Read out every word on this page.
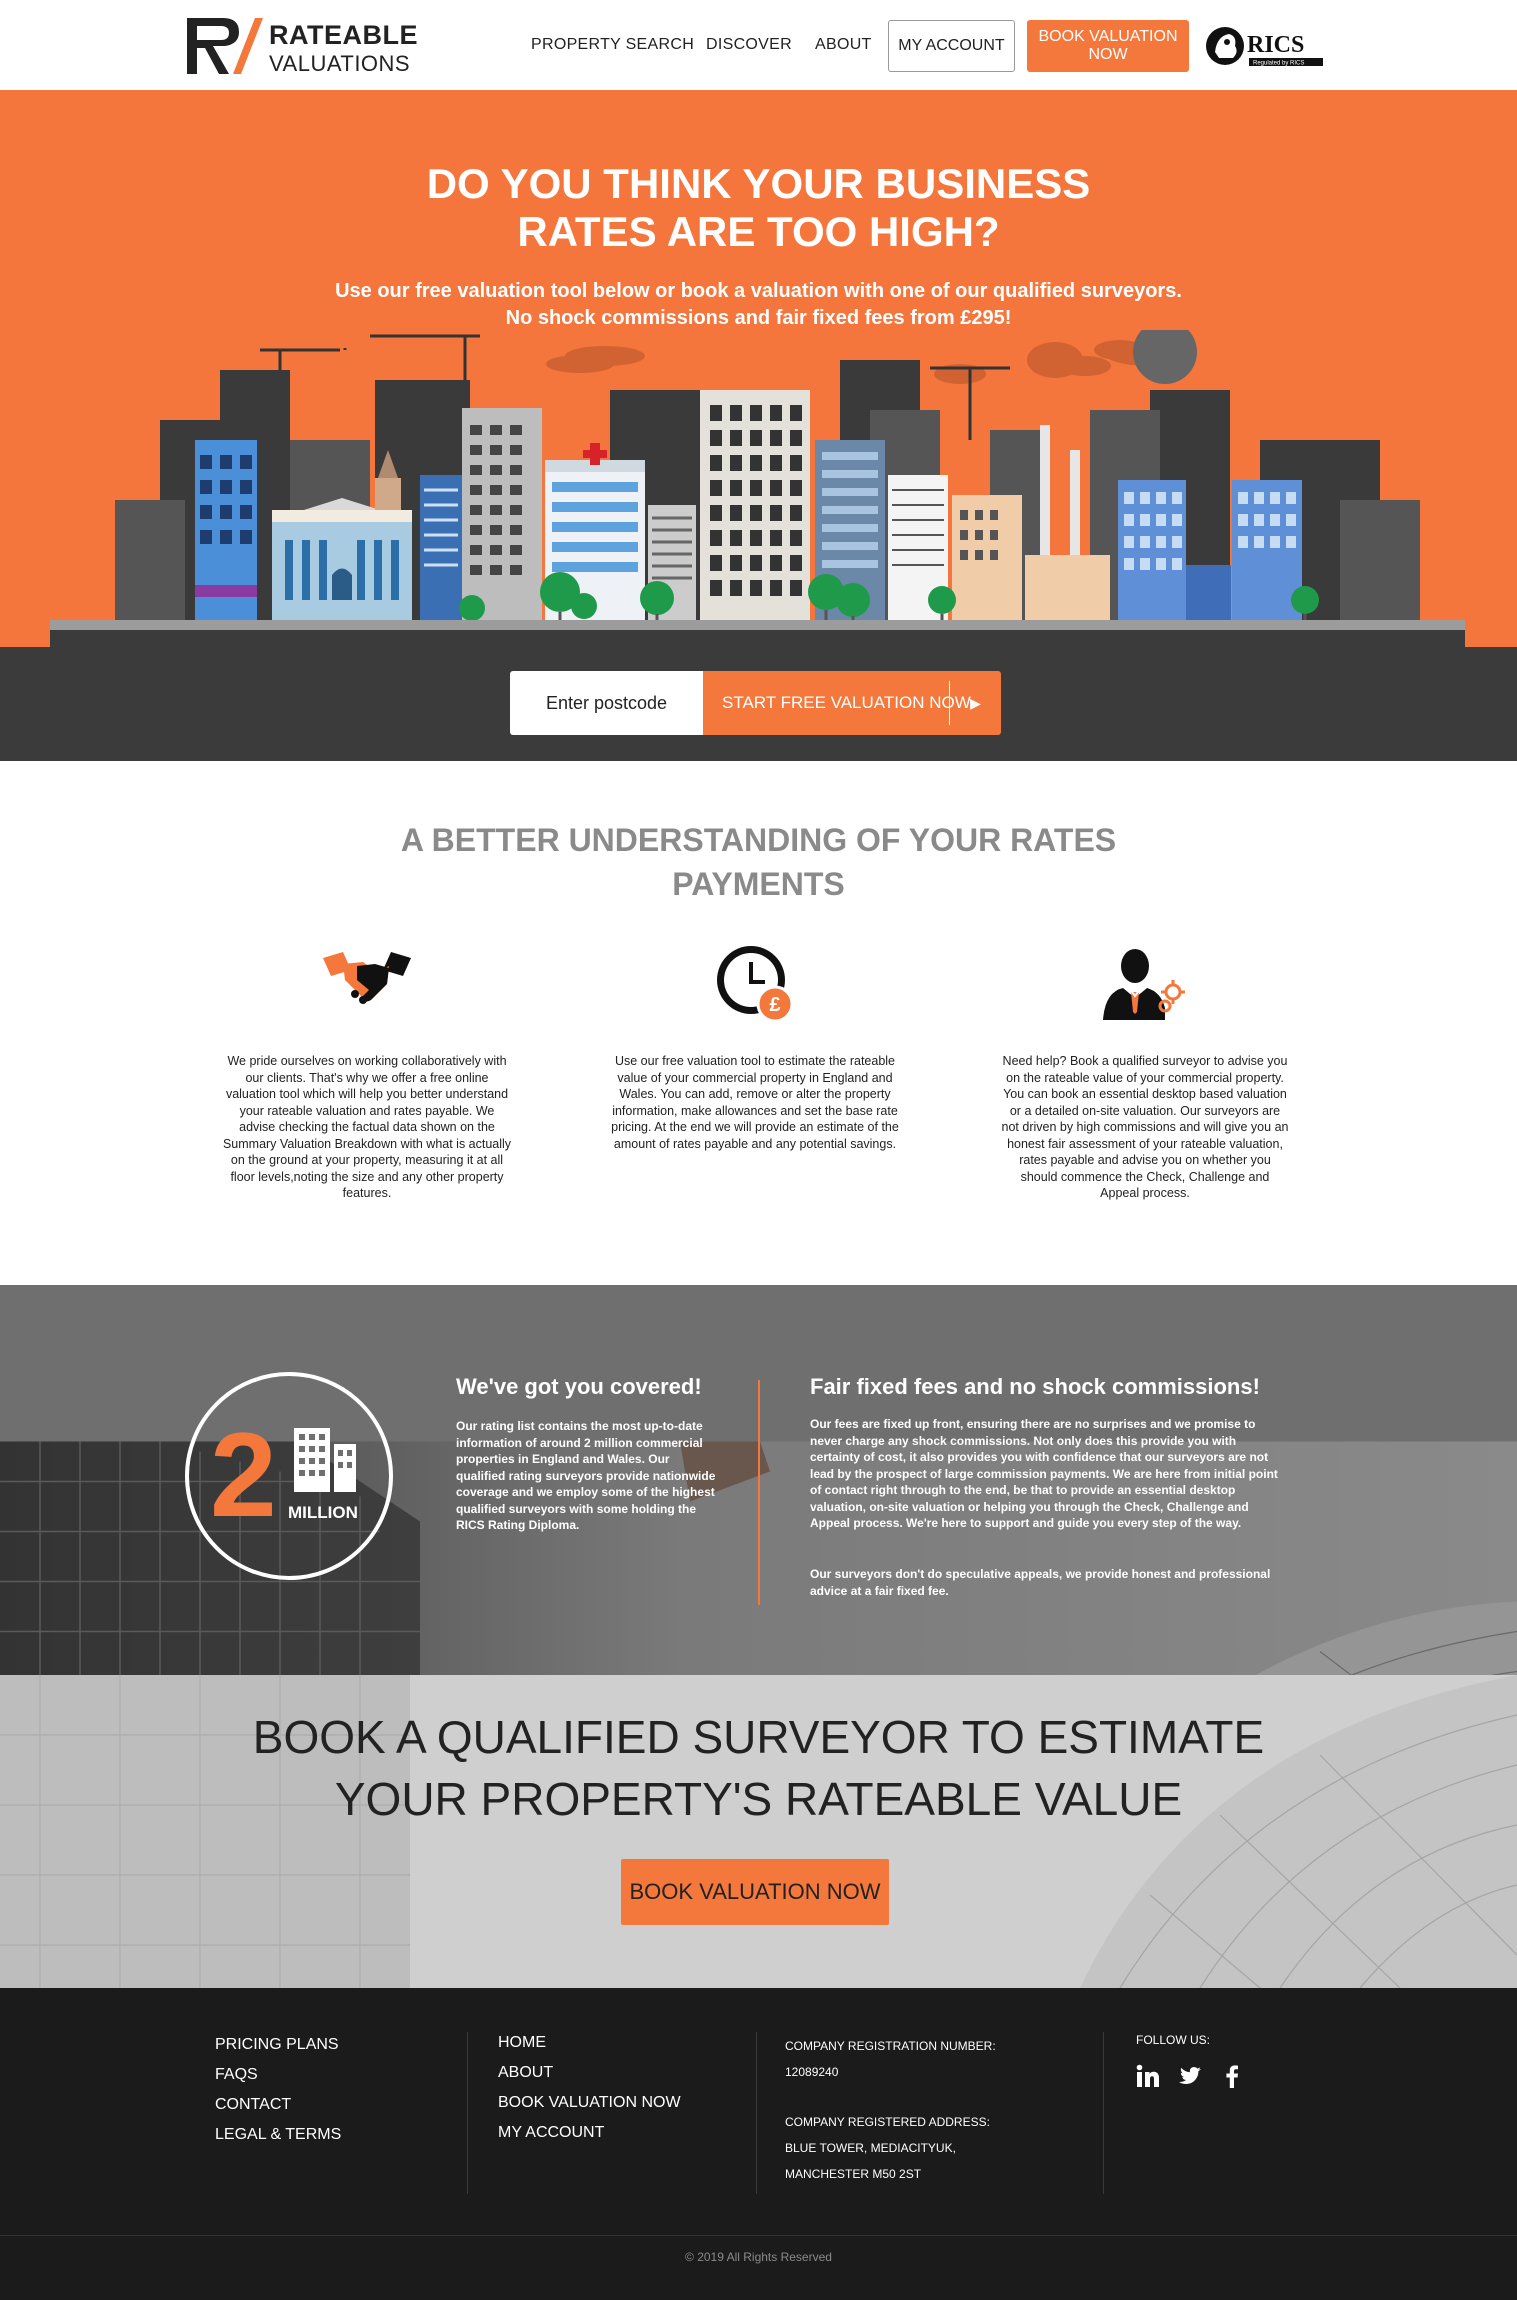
RATEABLE
VALUATIONS
PROPERTY SEARCH DISCOVER ABOUT	MY ACCOUNT
BOOK VALUATION NOW	RICS
Regulated by RICS
DO YOU THINK YOUR BUSINESS
RATES ARE TOO HIGH?
Use our free valuation tool below or book a valuation with one of our qualified surveyors.
No shock commissions and fair fixed fees from £295!
Enter postcode
START FREE VALUATION NOW ▶
A BETTER UNDERSTANDING OF YOUR RATES
PAYMENTS

We pride ourselves on working collaboratively with our clients. That's why we offer a free online valuation tool which will help you better understand your rateable valuation and rates payable. We advise checking the factual data shown on the Summary Valuation Breakdown with what is actually on the ground at your property, measuring it at all floor levels,noting the size and any other property features.

£

Use our free valuation tool to estimate the rateable value of your commercial property in England and Wales. You can add, remove or alter the property information, make allowances and set the base rate pricing. At the end we will provide an estimate of the amount of rates payable and any potential savings.

Need help? Book a qualified surveyor to advise you on the rateable value of your commercial property. You can book an essential desktop based valuation or a detailed on-site valuation. Our surveyors are not driven by high commissions and will give you an honest fair assessment of your rateable valuation, rates payable and advise you on whether you should commence the Check, Challenge and Appeal process.

2 MILLION
We've got you covered!
Our rating list contains the most up-to-date information of around 2 million commercial properties in England and Wales. Our qualified rating surveyors provide nationwide coverage and we employ some of the highest qualified surveyors with some holding the RICS Rating Diploma.
Fair fixed fees and no shock commissions!
Our fees are fixed up front, ensuring there are no surprises and we promise to never charge any shock commissions. Not only does this provide you with certainty of cost, it also provides you with confidence that our surveyors are not lead by the prospect of large commission payments. We are here from initial point of contact right through to the end, be that to provide an essential desktop valuation, on-site valuation or helping you through the Check, Challenge and Appeal process. We're here to support and guide you every step of the way.
Our surveyors don't do speculative appeals, we provide honest and professional advice at a fair fixed fee.
BOOK A QUALIFIED SURVEYOR TO ESTIMATE
YOUR PROPERTY'S RATEABLE VALUE
BOOK VALUATION NOW
PRICING PLANS
FAQS
CONTACT
LEGAL & TERMS
HOME
ABOUT
BOOK VALUATION NOW
MY ACCOUNT
COMPANY REGISTRATION NUMBER:
12089240
COMPANY REGISTERED ADDRESS:
BLUE TOWER, MEDIACITYUK,
MANCHESTER M50 2ST
FOLLOW US:
© 2019 All Rights Reserved
